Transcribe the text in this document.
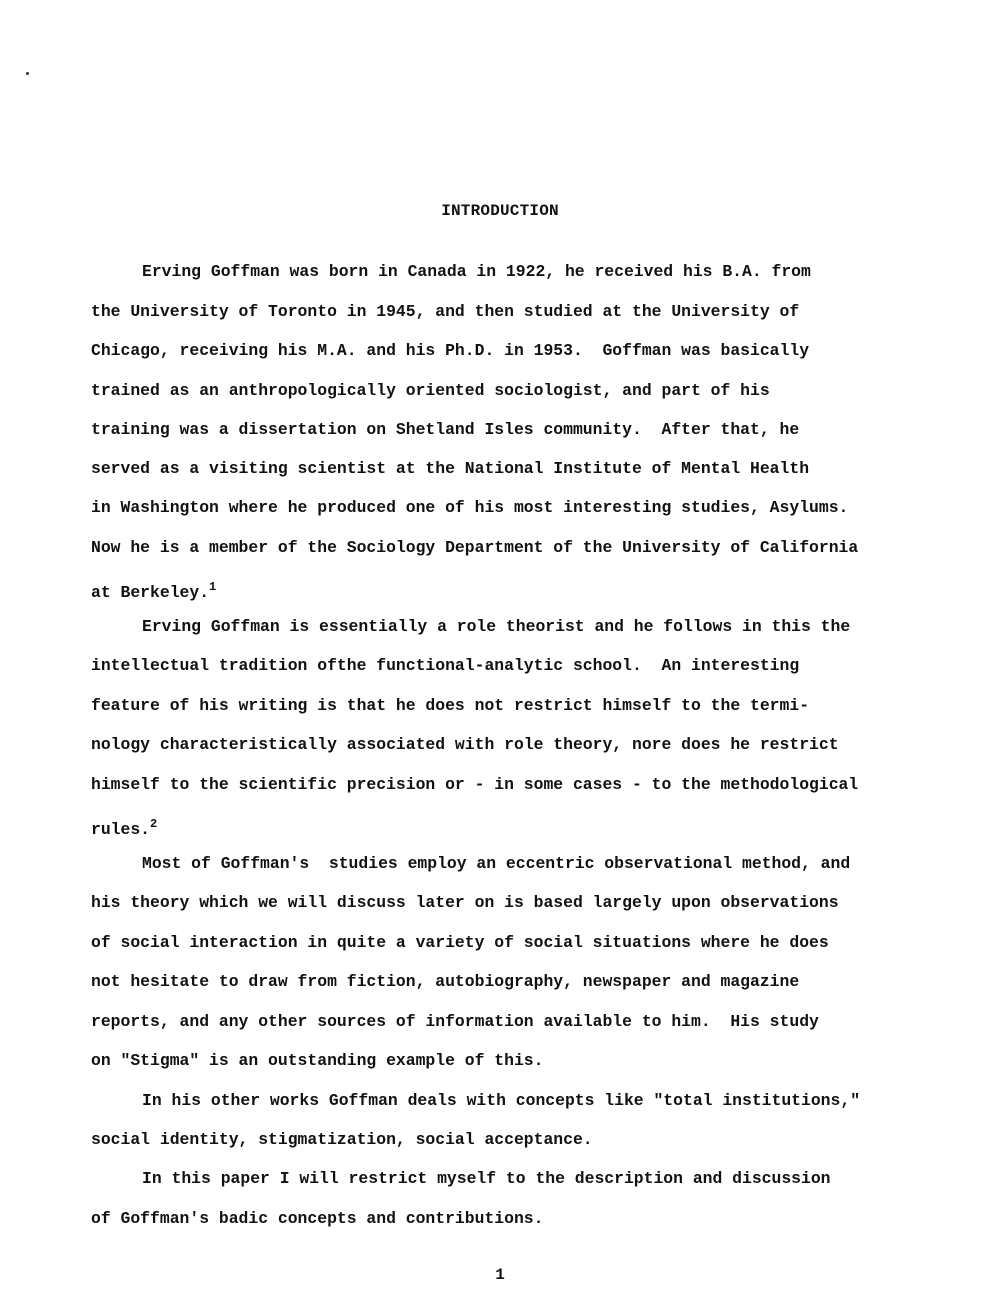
INTRODUCTION
Erving Goffman was born in Canada in 1922, he received his B.A. from
the University of Toronto in 1945, and then studied at the University of
Chicago, receiving his M.A. and his Ph.D. in 1953.  Goffman was basically
trained as an anthropologically oriented sociologist, and part of his
training was a dissertation on Shetland Isles community.  After that, he
served as a visiting scientist at the National Institute of Mental Health
in Washington where he produced one of his most interesting studies, Asylums.
Now he is a member of the Sociology Department of the University of California
at Berkeley.$^1$
Erving Goffman is essentially a role theorist and he follows in this the
intellectual tradition ofthe functional-analytic school.  An interesting
feature of his writing is that he does not restrict himself to the termi-
nology characteristically associated with role theory, nore does he restrict
himself to the scientific precision or - in some cases - to the methodological
rules.$^2$
Most of Goffman's  studies employ an eccentric observational method, and
his theory which we will discuss later on is based largely upon observations
of social interaction in quite a variety of social situations where he does
not hesitate to draw from fiction, autobiography, newspaper and magazine
reports, and any other sources of information available to him.  His study
on "Stigma" is an outstanding example of this.
In his other works Goffman deals with concepts like "total institutions,"
social identity, stigmatization, social acceptance.
In this paper I will restrict myself to the description and discussion
of Goffman's badic concepts and contributions.
1
